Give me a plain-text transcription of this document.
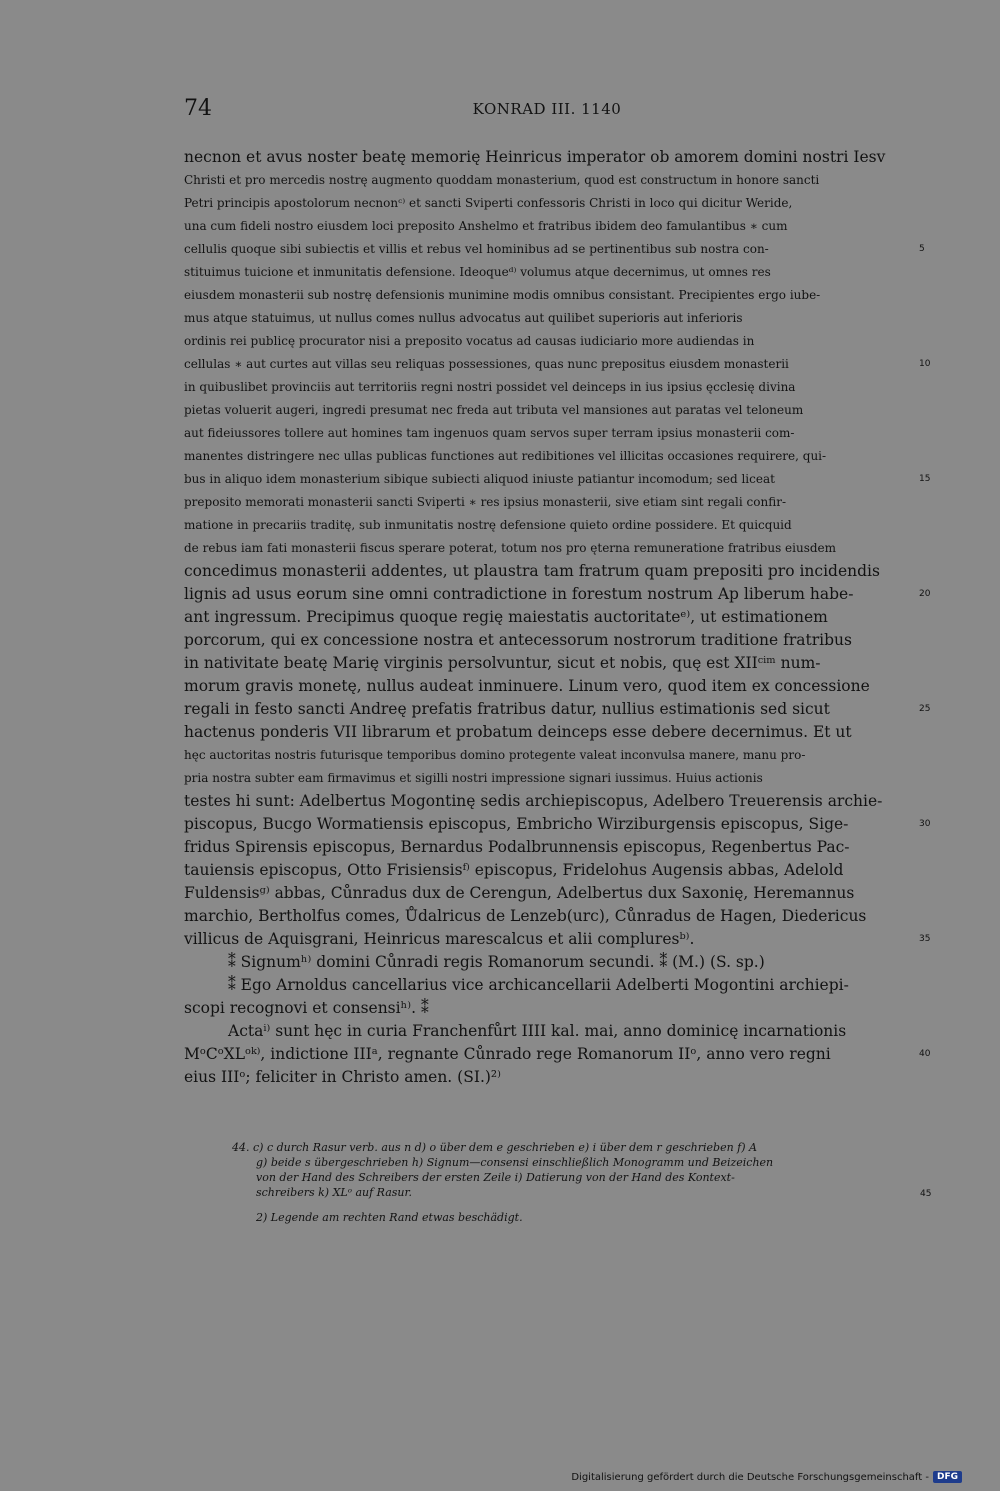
74	KONRAD III. 1140
necnon et avus noster beatę memorię Heinricus imperator ob amorem domini nostri Iesv
Christi et pro mercedis nostrę augmento quoddam monasterium, quod est constructum in honore sancti
Petri principis apostolorum necnonᶜ⁾ et sancti Sviperti confessoris Christi in loco qui dicitur Weride,
una cum fideli nostro eiusdem loci preposito Anshelmo et fratribus ibidem deo famulantibus ∗ cum
cellulis quoque sibi subiectis et villis et rebus vel hominibus ad se pertinentibus sub nostra con-	5
stituimus tuicione et inmunitatis defensione. Ideoqueᵈ⁾ volumus atque decernimus, ut omnes res
eiusdem monasterii sub nostrę defensionis munimine modis omnibus consistant. Precipientes ergo iube-
mus atque statuimus, ut nullus comes nullus advocatus aut quilibet superioris aut inferioris
ordinis rei publicę procurator nisi a preposito vocatus ad causas iudiciario more audiendas in
cellulas ∗ aut curtes aut villas seu reliquas possessiones, quas nunc prepositus eiusdem monasterii	10
in quibuslibet provinciis aut territoriis regni nostri possidet vel deinceps in ius ipsius ęcclesię divina
pietas voluerit augeri, ingredi presumat nec freda aut tributa vel mansiones aut paratas vel teloneum
aut fideiussores tollere aut homines tam ingenuos quam servos super terram ipsius monasterii com-
manentes distringere nec ullas publicas functiones aut redibitiones vel illicitas occasiones requirere, qui-
bus in aliquo idem monasterium sibique subiecti aliquod iniuste patiantur incomodum; sed liceat	15
preposito memorati monasterii sancti Sviperti ∗ res ipsius monasterii, sive etiam sint regali confir-
matione in precariis traditę, sub inmunitatis nostrę defensione quieto ordine possidere. Et quicquid
de rebus iam fati monasterii fiscus sperare poterat, totum nos pro ęterna remuneratione fratribus eiusdem
concedimus monasterii addentes, ut plaustra tam fratrum quam prepositi pro incidendis
lignis ad usus eorum sine omni contradictione in forestum nostrum Ap liberum habe-	20
ant ingressum. Precipimus quoque regię maiestatis auctoritateᵉ⁾, ut estimationem
porcorum, qui ex concessione nostra et antecessorum nostrorum traditione fratribus
in nativitate beatę Marię virginis persolvuntur, sicut et nobis, quę est XIIᶜⁱᵐ num-
morum gravis monetę, nullus audeat inminuere. Linum vero, quod item ex concessione
regali in festo sancti Andreę prefatis fratribus datur, nullius estimationis sed sicut	25
hactenus ponderis VII librarum et probatum deinceps esse debere decernimus. Et ut
hęc auctoritas nostris futurisque temporibus domino protegente valeat inconvulsa manere, manu pro-
pria nostra subter eam firmavimus et sigilli nostri impressione signari iussimus. Huius actionis
testes hi sunt: Adelbertus Mogontinę sedis archiepiscopus, Adelbero Treuerensis archie-
piscopus, Bucgo Wormatiensis episcopus, Embricho Wirziburgensis episcopus, Sige-	30
fridus Spirensis episcopus, Bernardus Podalbrunnensis episcopus, Regenbertus Pac-
tauiensis episcopus, Otto Frisiensisᶠ⁾ episcopus, Fridelohus Augensis abbas, Adelold
Fuldensisᵍ⁾ abbas, Cůnradus dux de Cerengun, Adelbertus dux Saxonię, Heremannus
marchio, Bertholfus comes, Ůdalricus de Lenzeb(urc), Cůnradus de Hagen, Diedericus
villicus de Aquisgrani, Heinricus marescalcus et alii compluresᵇ⁾.	35
⁑ Signumʰ⁾ domini Cůnradi regis Romanorum secundi. ⁑ (M.) (S. sp.)
⁑ Ego Arnoldus cancellarius vice archicancellarii Adelberti Mogontini archiepi-
scopi recognovi et consensiʰ⁾. ⁑
Actaⁱ⁾ sunt hęc in curia Franchenfůrt IIII kal. mai, anno dominicę incarnationis
MᵒCᵒXLᵒᵏ⁾, indictione IIIᵃ, regnante Cůnrado rege Romanorum IIᵒ, anno vero regni	40
eius IIIᵒ; feliciter in Christo amen. (SI.)²⁾
44. c) c durch Rasur verb. aus n d) o über dem e geschrieben e) i über dem r geschrieben f) A
g) beide s übergeschrieben h) Signum—consensi einschließlich Monogramm und Beizeichen
von der Hand des Schreibers der ersten Zeile i) Datierung von der Hand des Kontext-
schreibers k) XLᵒ auf Rasur.	45
2) Legende am rechten Rand etwas beschädigt.
Digitalisierung gefördert durch die Deutsche Forschungsgemeinschaft - DFG
